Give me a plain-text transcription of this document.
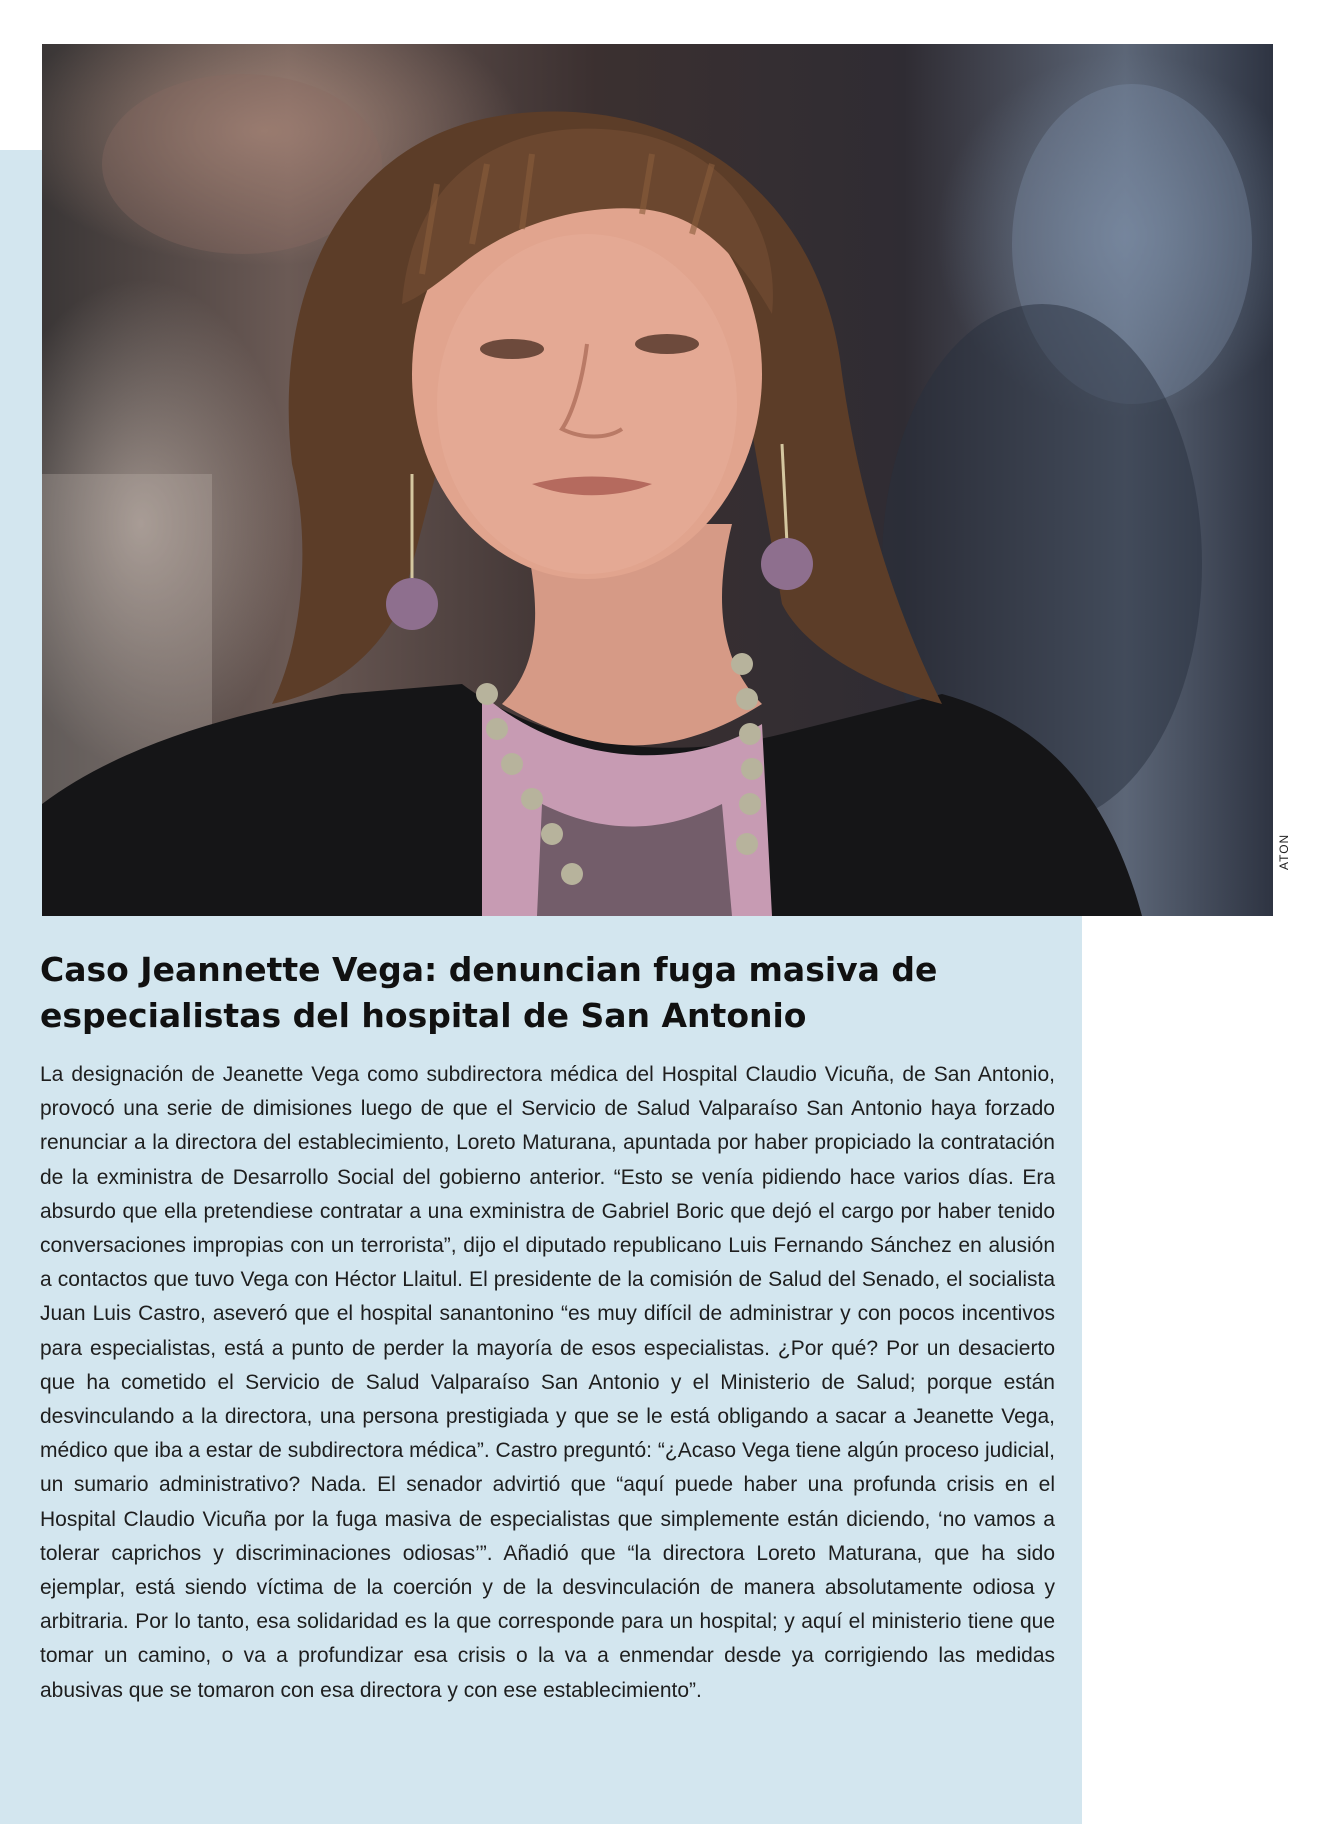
ATON
Caso Jeannette Vega: denuncian fuga masiva de especialistas del hospital de San Antonio

La designación de Jeanette Vega como subdirectora médica del Hospital Claudio Vicuña, de San Antonio, provocó una serie de dimisiones luego de que el Servicio de Salud Valparaíso San Antonio haya forzado renunciar a la directora del establecimiento, Loreto Maturana, apuntada por haber propiciado la contratación de la exministra de Desarrollo Social del gobierno anterior. “Esto se venía pidiendo hace varios días. Era absurdo que ella pretendiese contratar a una exministra de Gabriel Boric que dejó el cargo por haber tenido conversaciones impropias con un terrorista”, dijo el diputado republicano Luis Fernando Sánchez en alusión a contactos que tuvo Vega con Héctor Llaitul. El presidente de la comisión de Salud del Senado, el socialista Juan Luis Castro, aseveró que el hospital sanantonino “es muy difícil de administrar y con pocos incentivos para especialistas, está a punto de perder la mayoría de esos especialistas. ¿Por qué? Por un desacierto que ha cometido el Servicio de Salud Valparaíso San Antonio y el Ministerio de Salud; porque están desvinculando a la directora, una persona prestigiada y que se le está obligando a sacar a Jeanette Vega, médico que iba a estar de subdirectora médica”. Castro preguntó: “¿Acaso Vega tiene algún proceso judicial, un sumario administrativo? Nada. El senador advirtió que “aquí puede haber una profunda crisis en el Hospital Claudio Vicuña por la fuga masiva de especialistas que simplemente están diciendo, ‘no vamos a tolerar caprichos y discriminaciones odiosas’”. Añadió que “la directora Loreto Maturana, que ha sido ejemplar, está siendo víctima de la coerción y de la desvinculación de manera absolutamente odiosa y arbitraria. Por lo tanto, esa solidaridad es la que corresponde para un hospital; y aquí el ministerio tiene que tomar un camino, o va a profundizar esa crisis o la va a enmendar desde ya corrigiendo las medidas abusivas que se tomaron con esa directora y con ese establecimiento”.
